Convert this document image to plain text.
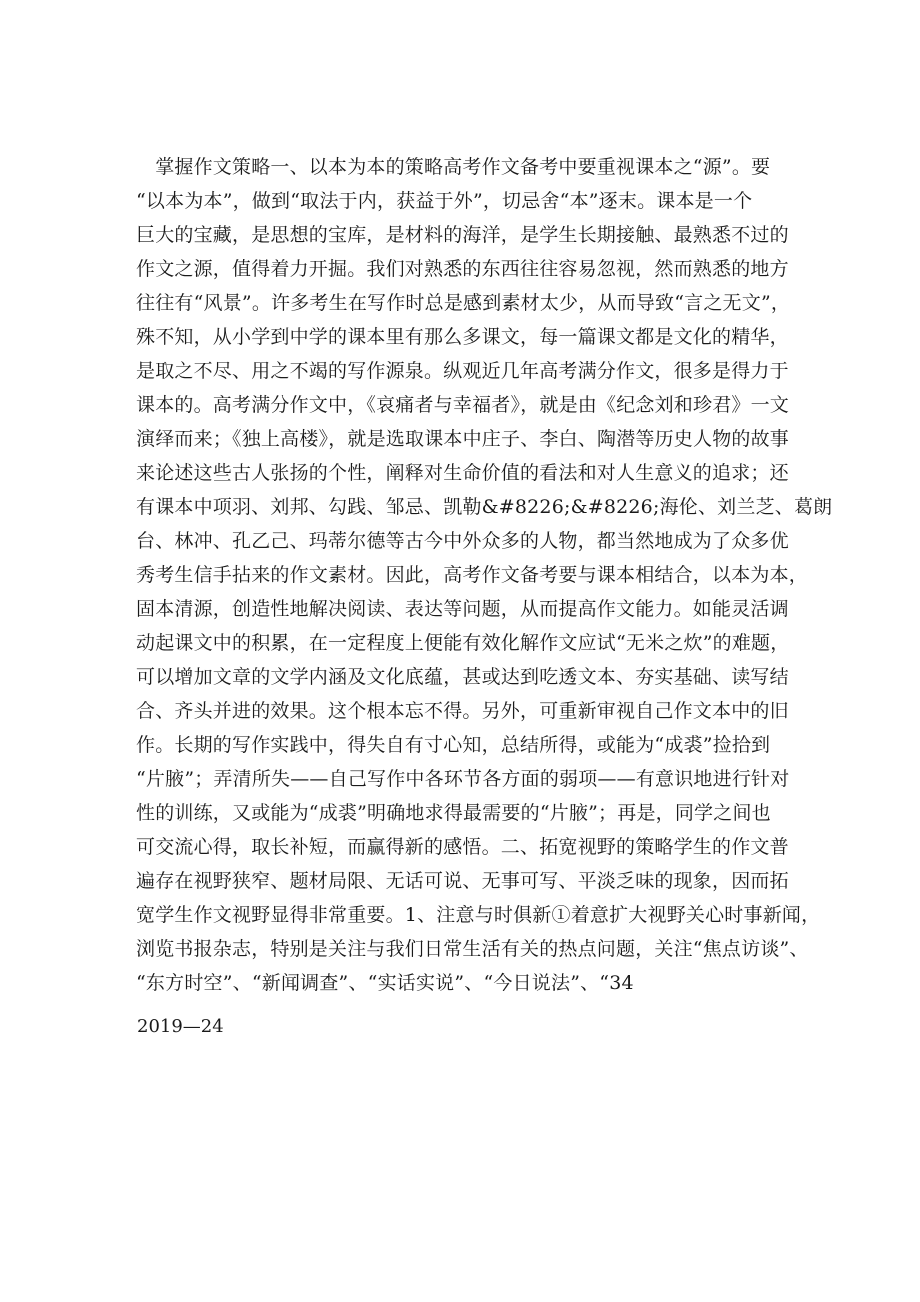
　掌握作文策略一、以本为本的策略高考作文备考中要重视课本之“源”。要
“以本为本”，做到“取法于内，获益于外”，切忌舍“本”逐末。课本是一个
巨大的宝藏，是思想的宝库，是材料的海洋，是学生长期接触、最熟悉不过的
作文之源，值得着力开掘。我们对熟悉的东西往往容易忽视，然而熟悉的地方
往往有“风景”。许多考生在写作时总是感到素材太少，从而导致“言之无文”，
殊不知，从小学到中学的课本里有那么多课文，每一篇课文都是文化的精华，
是取之不尽、用之不竭的写作源泉。纵观近几年高考满分作文，很多是得力于
课本的。高考满分作文中，《哀痛者与幸福者》，就是由《纪念刘和珍君》一文
演绎而来；《独上高楼》，就是选取课本中庄子、李白、陶潜等历史人物的故事
来论述这些古人张扬的个性，阐释对生命价值的看法和对人生意义的追求；还
有课本中项羽、刘邦、勾践、邹忌、凯勒&#8226;&#8226;海伦、刘兰芝、葛朗
台、林冲、孔乙己、玛蒂尔德等古今中外众多的人物，都当然地成为了众多优
秀考生信手拈来的作文素材。因此，高考作文备考要与课本相结合，以本为本，
固本清源，创造性地解决阅读、表达等问题，从而提高作文能力。如能灵活调
动起课文中的积累，在一定程度上便能有效化解作文应试“无米之炊”的难题，
可以增加文章的文学内涵及文化底蕴，甚或达到吃透文本、夯实基础、读写结
合、齐头并进的效果。这个根本忘不得。另外，可重新审视自己作文本中的旧
作。长期的写作实践中，得失自有寸心知，总结所得，或能为“成裘”捡拾到
“片腋”；弄清所失——自己写作中各环节各方面的弱项——有意识地进行针对
性的训练，又或能为“成裘”明确地求得最需要的“片腋”；再是，同学之间也
可交流心得，取长补短，而赢得新的感悟。二、拓宽视野的策略学生的作文普
遍存在视野狭窄、题材局限、无话可说、无事可写、平淡乏味的现象，因而拓
宽学生作文视野显得非常重要。1、注意与时俱新①着意扩大视野关心时事新闻，
浏览书报杂志，特别是关注与我们日常生活有关的热点问题，关注“焦点访谈”、
“东方时空”、“新闻调查”、“实话实说”、“今日说法”、“34
2019—24
